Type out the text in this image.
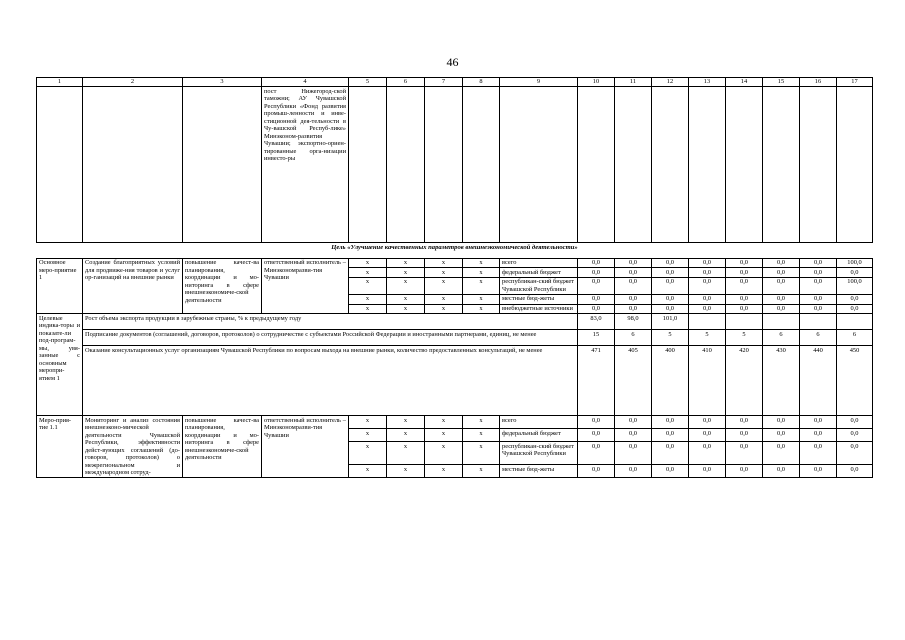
46
1	2	3	4	5	6	7	8	9	10	11	12	13	14	15	16	17
			пост Нижегород-ской таможни; АУ Чувашской Республики «Фонд развития промыш-ленности и инве-стиционной дея-тельности в Чу-вашской Респуб-лике» Минэконом-развития Чувашии; экспортно-ориен-тированные орга-низации инвесто-ры													
Цель «Улучшение качественных параметров внешнеэкономической деятельности»																

Основное меро-приятие 1	Создание благоприятных условий для продвиже-ния товаров и услуг ор-ганизаций на внешние рынки	повышение качест-ва планирования, координации и мо-ниторинга в сфере внешнеэкономиче-ской деятельности	ответственный исполнитель – Минэкономразви-тия Чувашии	x	x	x	x	всего	0,0	0,0	0,0	0,0	0,0	0,0	0,0	100,0
				x	x	x	x	федеральный бюджет	0,0	0,0	0,0	0,0	0,0	0,0	0,0	0,0
				x	x	x	x	республикан-ский бюджет Чувашской Республики	0,0	0,0	0,0	0,0	0,0	0,0	0,0	100,0
				x	x	x	x	местные бюд-жеты	0,0	0,0	0,0	0,0	0,0	0,0	0,0	0,0
				x	x	x	x	внебюджетные источники	0,0	0,0	0,0	0,0	0,0	0,0	0,0	0,0
Целевые индика-торы и показате-ли под-програм-мы, увя-занные с основным меропри-ятием 1	Рост объема экспорта продукции в зарубежные страны, % к предыдущему году								83,0	98,0	101,0					
	Подписание документов (соглашений, договоров, протоколов) о сотрудничестве с субъектами Российской Федерации и иностранными партнерами, единиц, не менее								15	6	5	5	5	6	6	6
	Оказание консультационных услуг организациям Чувашской Республики по вопросам выхода на внешние рынки, количество предоставленных консультаций, не менее								471	405	400	410	420	430	440	450
Меро-прия-тие 1.1	Мониторинг и анализ состояния внешнеэконо-мической деятельности Чувашской Республики, эффективности дейст-вующих соглашений (до-говоров, протоколов) о межрегиональном и международном сотруд-	повышение качест-ва планирования, координации и мо-ниторинга в сфере внешнеэкономиче-ской деятельности	ответственный исполнитель – Минэкономразви-тия Чувашии	x	x	x	x	всего	0,0	0,0	0,0	0,0	0,0	0,0	0,0	0,0
				x	x	x	x	федеральный бюджет	0,0	0,0	0,0	0,0	0,0	0,0	0,0	0,0
				x	x	x	x	республикан-ский бюджет Чувашской Республики	0,0	0,0	0,0	0,0	0,0	0,0	0,0	0,0
				x	x	x	x	местные бюд-жеты	0,0	0,0	0,0	0,0	0,0	0,0	0,0	0,0
